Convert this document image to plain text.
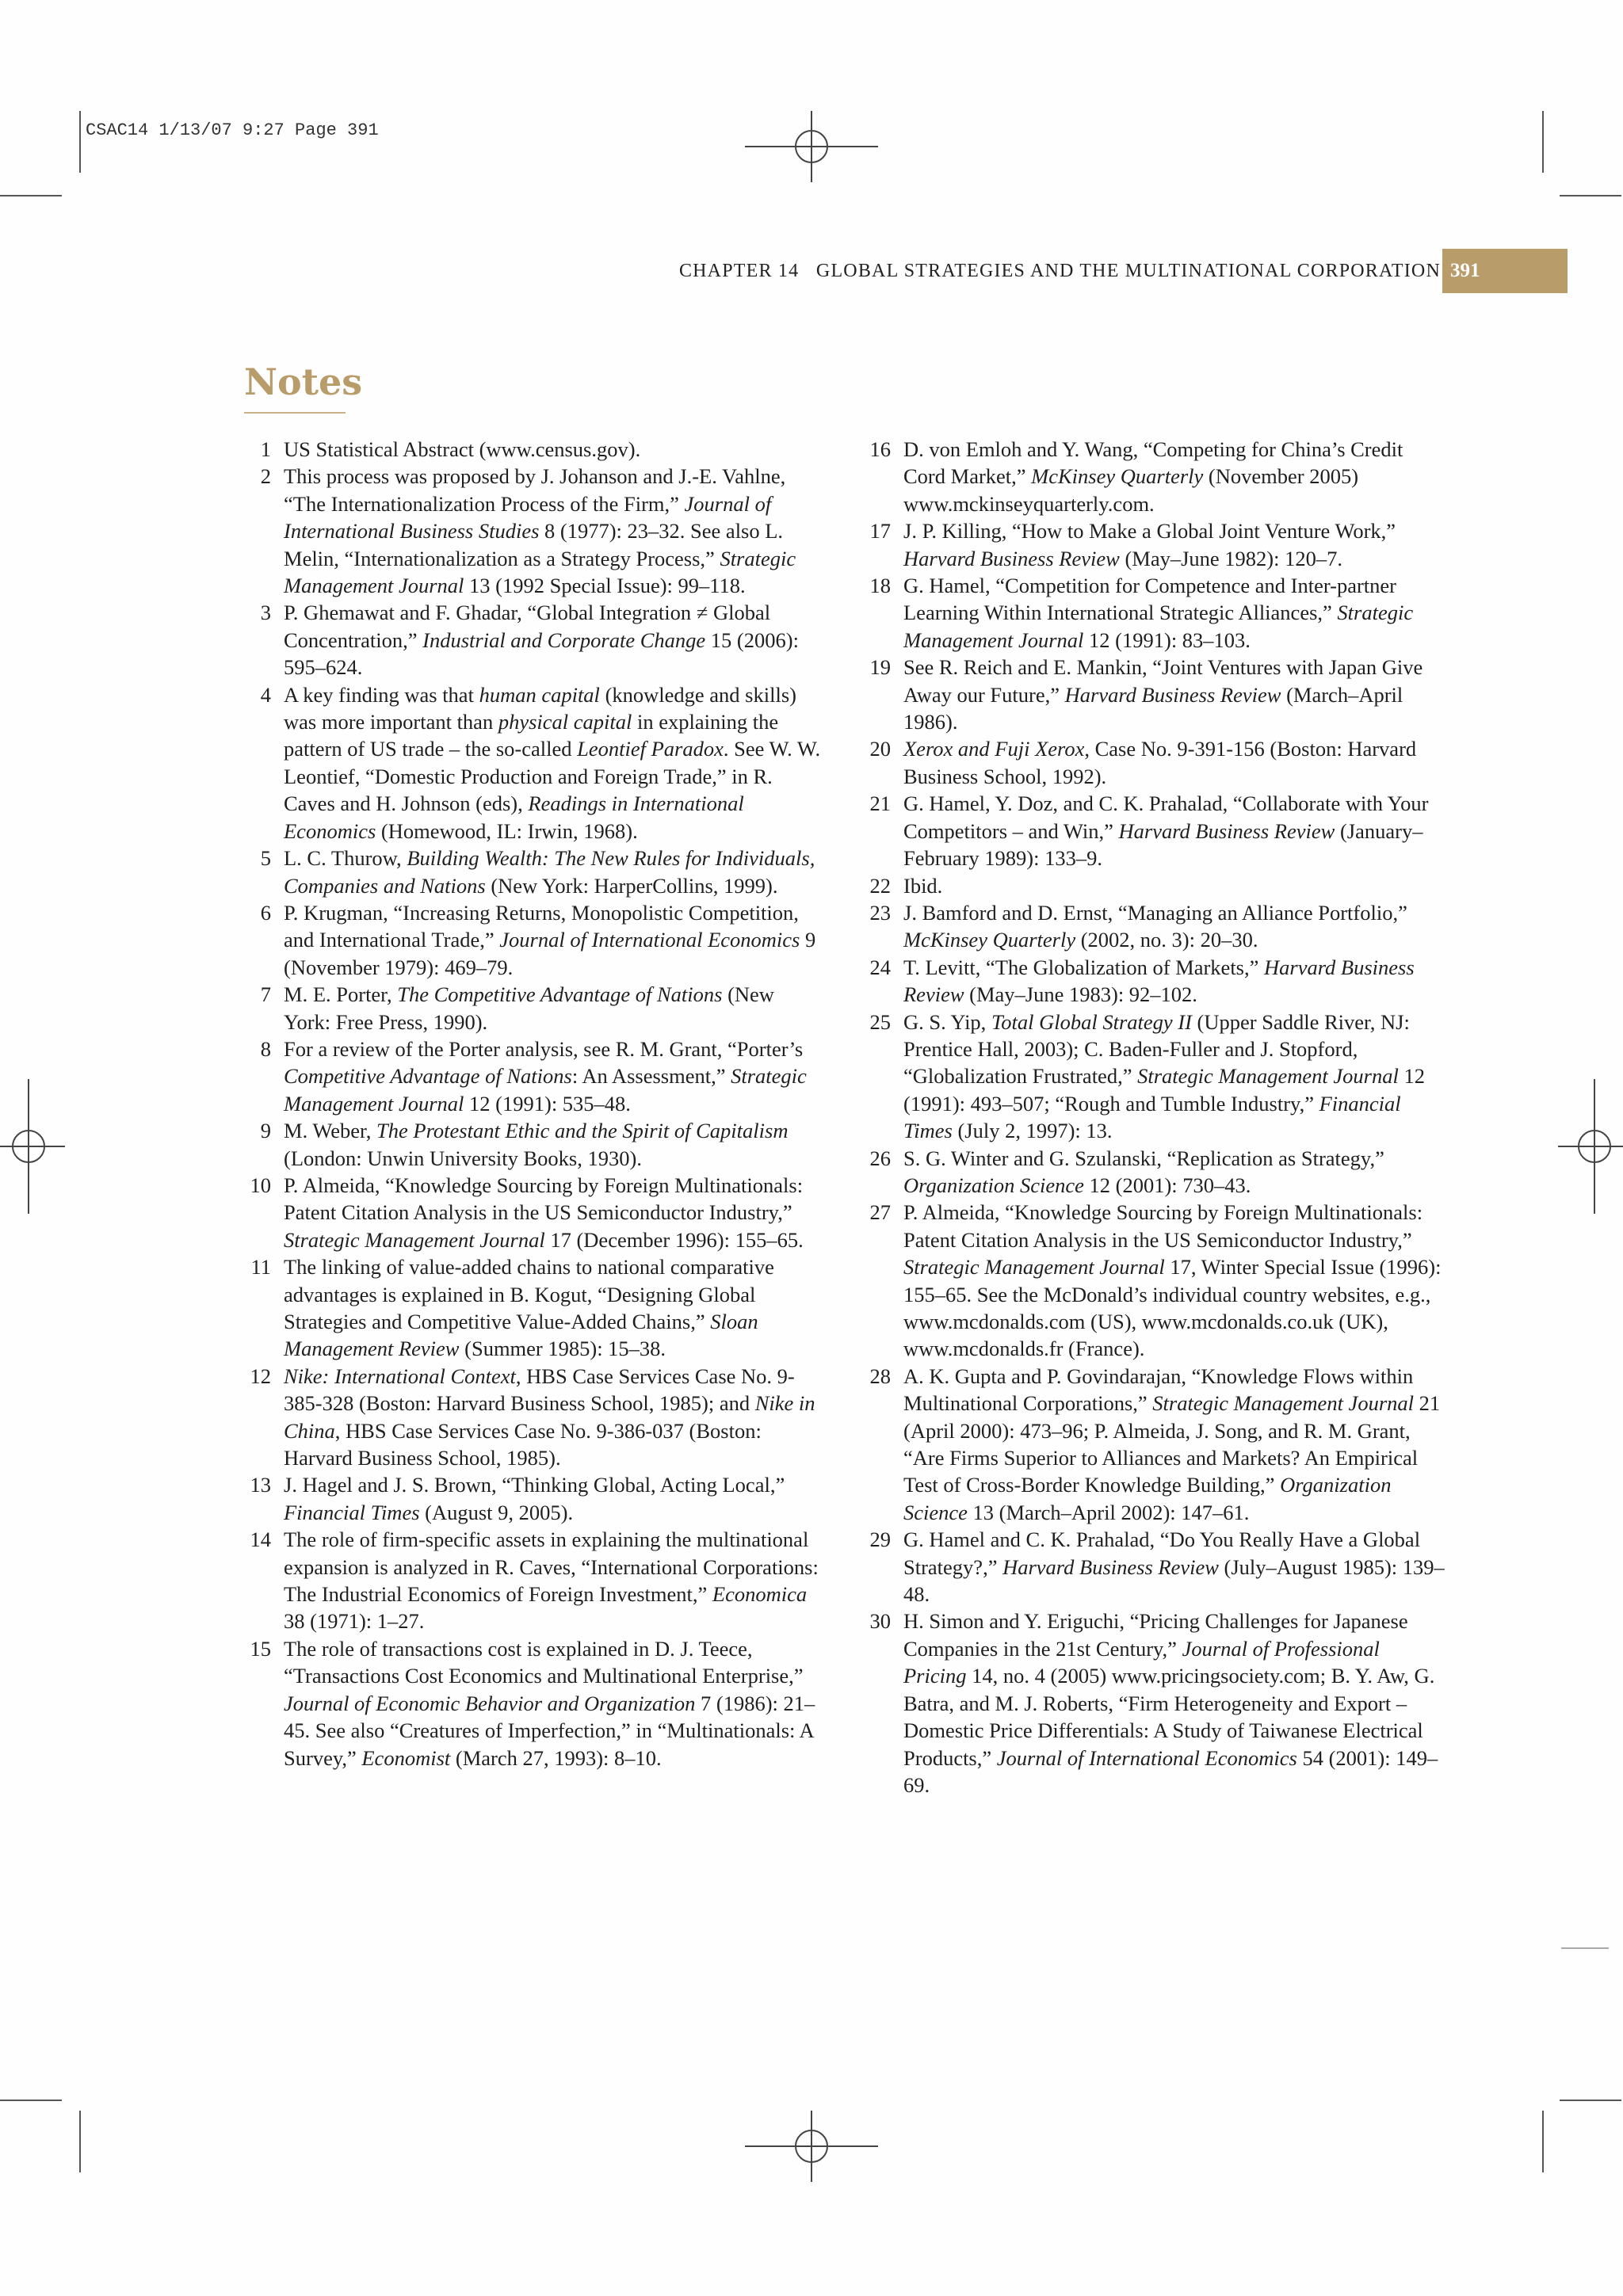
CSAC14 1/13/07 9:27 Page 391
CHAPTER 14 GLOBAL STRATEGIES AND THE MULTINATIONAL CORPORATION 391
Notes
1 US Statistical Abstract (www.census.gov).
2 This process was proposed by J. Johanson and J.-E. Vahlne, “The Internationalization Process of the Firm,” Journal of International Business Studies 8 (1977): 23–32. See also L. Melin, “Internationalization as a Strategy Process,” Strategic Management Journal 13 (1992 Special Issue): 99–118.
3 P. Ghemawat and F. Ghadar, “Global Integration ≠ Global Concentration,” Industrial and Corporate Change 15 (2006): 595–624.
4 A key finding was that human capital (knowledge and skills) was more important than physical capital in explaining the pattern of US trade – the so-called Leontief Paradox. See W. W. Leontief, “Domestic Production and Foreign Trade,” in R. Caves and H. Johnson (eds), Readings in International Economics (Homewood, IL: Irwin, 1968).
5 L. C. Thurow, Building Wealth: The New Rules for Individuals, Companies and Nations (New York: HarperCollins, 1999).
6 P. Krugman, “Increasing Returns, Monopolistic Competition, and International Trade,” Journal of International Economics 9 (November 1979): 469–79.
7 M. E. Porter, The Competitive Advantage of Nations (New York: Free Press, 1990).
8 For a review of the Porter analysis, see R. M. Grant, “Porter’s Competitive Advantage of Nations: An Assessment,” Strategic Management Journal 12 (1991): 535–48.
9 M. Weber, The Protestant Ethic and the Spirit of Capitalism (London: Unwin University Books, 1930).
10 P. Almeida, “Knowledge Sourcing by Foreign Multinationals: Patent Citation Analysis in the US Semiconductor Industry,” Strategic Management Journal 17 (December 1996): 155–65.
11 The linking of value-added chains to national comparative advantages is explained in B. Kogut, “Designing Global Strategies and Competitive Value-Added Chains,” Sloan Management Review (Summer 1985): 15–38.
12 Nike: International Context, HBS Case Services Case No. 9-385-328 (Boston: Harvard Business School, 1985); and Nike in China, HBS Case Services Case No. 9-386-037 (Boston: Harvard Business School, 1985).
13 J. Hagel and J. S. Brown, “Thinking Global, Acting Local,” Financial Times (August 9, 2005).
14 The role of firm-specific assets in explaining the multinational expansion is analyzed in R. Caves, “International Corporations: The Industrial Economics of Foreign Investment,” Economica 38 (1971): 1–27.
15 The role of transactions cost is explained in D. J. Teece, “Transactions Cost Economics and Multinational Enterprise,” Journal of Economic Behavior and Organization 7 (1986): 21–45. See also “Creatures of Imperfection,” in “Multinationals: A Survey,” Economist (March 27, 1993): 8–10.
16 D. von Emloh and Y. Wang, “Competing for China’s Credit Cord Market,” McKinsey Quarterly (November 2005) www.mckinseyquarterly.com.
17 J. P. Killing, “How to Make a Global Joint Venture Work,” Harvard Business Review (May–June 1982): 120–7.
18 G. Hamel, “Competition for Competence and Inter-partner Learning Within International Strategic Alliances,” Strategic Management Journal 12 (1991): 83–103.
19 See R. Reich and E. Mankin, “Joint Ventures with Japan Give Away our Future,” Harvard Business Review (March–April 1986).
20 Xerox and Fuji Xerox, Case No. 9-391-156 (Boston: Harvard Business School, 1992).
21 G. Hamel, Y. Doz, and C. K. Prahalad, “Collaborate with Your Competitors – and Win,” Harvard Business Review (January–February 1989): 133–9.
22 Ibid.
23 J. Bamford and D. Ernst, “Managing an Alliance Portfolio,” McKinsey Quarterly (2002, no. 3): 20–30.
24 T. Levitt, “The Globalization of Markets,” Harvard Business Review (May–June 1983): 92–102.
25 G. S. Yip, Total Global Strategy II (Upper Saddle River, NJ: Prentice Hall, 2003); C. Baden-Fuller and J. Stopford, “Globalization Frustrated,” Strategic Management Journal 12 (1991): 493–507; “Rough and Tumble Industry,” Financial Times (July 2, 1997): 13.
26 S. G. Winter and G. Szulanski, “Replication as Strategy,” Organization Science 12 (2001): 730–43.
27 P. Almeida, “Knowledge Sourcing by Foreign Multinationals: Patent Citation Analysis in the US Semiconductor Industry,” Strategic Management Journal 17, Winter Special Issue (1996): 155–65. See the McDonald’s individual country websites, e.g., www.mcdonalds.com (US), www.mcdonalds.co.uk (UK), www.mcdonalds.fr (France).
28 A. K. Gupta and P. Govindarajan, “Knowledge Flows within Multinational Corporations,” Strategic Management Journal 21 (April 2000): 473–96; P. Almeida, J. Song, and R. M. Grant, “Are Firms Superior to Alliances and Markets? An Empirical Test of Cross-Border Knowledge Building,” Organization Science 13 (March–April 2002): 147–61.
29 G. Hamel and C. K. Prahalad, “Do You Really Have a Global Strategy?,” Harvard Business Review (July–August 1985): 139–48.
30 H. Simon and Y. Eriguchi, “Pricing Challenges for Japanese Companies in the 21st Century,” Journal of Professional Pricing 14, no. 4 (2005) www.pricingsociety.com; B. Y. Aw, G. Batra, and M. J. Roberts, “Firm Heterogeneity and Export – Domestic Price Differentials: A Study of Taiwanese Electrical Products,” Journal of International Economics 54 (2001): 149–69.
